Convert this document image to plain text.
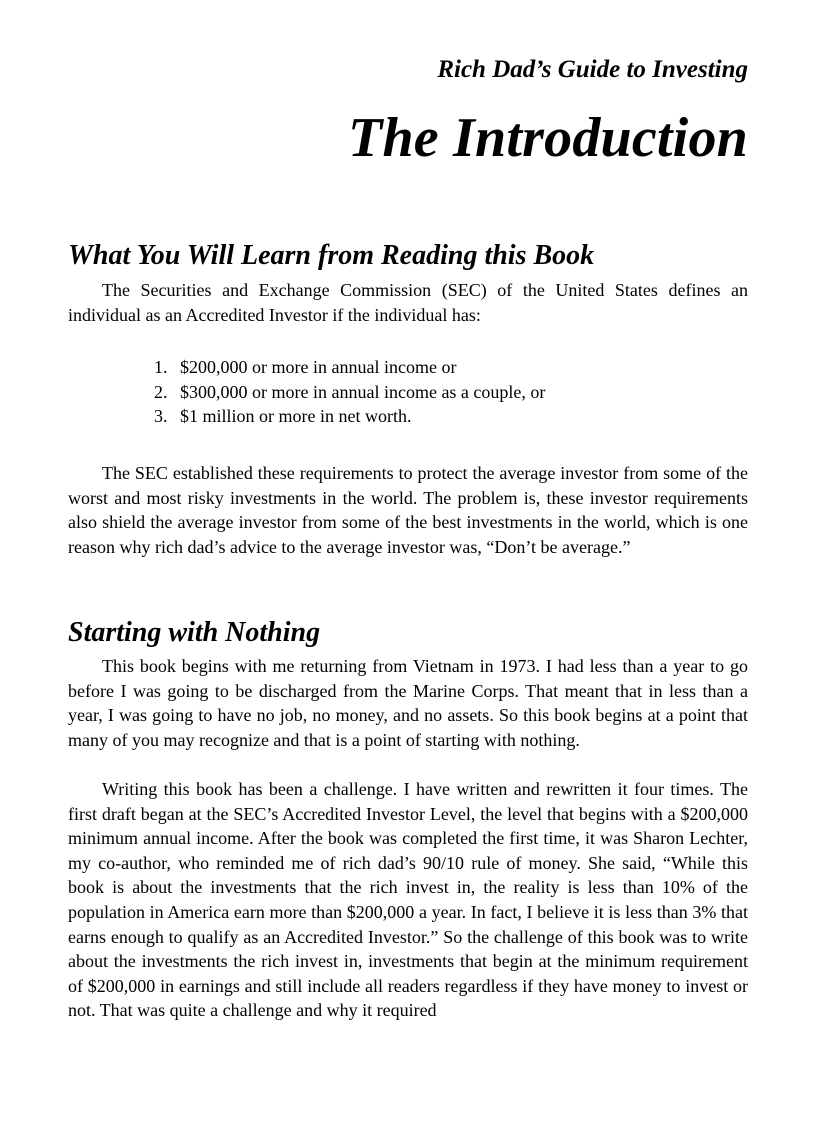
Rich Dad’s Guide to Investing
The Introduction
What You Will Learn from Reading this Book

The Securities and Exchange Commission (SEC) of the United States defines an individual as an Accredited Investor if the individual has:

1. $200,000 or more in annual income or
2. $300,000 or more in annual income as a couple, or
3. $1 million or more in net worth.

The SEC established these requirements to protect the average investor from some of the worst and most risky investments in the world. The problem is, these investor requirements also shield the average investor from some of the best investments in the world, which is one reason why rich dad’s advice to the average investor was, “Don’t be average.”

Starting with Nothing

This book begins with me returning from Vietnam in 1973. I had less than a year to go before I was going to be discharged from the Marine Corps. That meant that in less than a year, I was going to have no job, no money, and no assets. So this book begins at a point that many of you may recognize and that is a point of starting with nothing.

Writing this book has been a challenge. I have written and rewritten it four times. The first draft began at the SEC’s Accredited Investor Level, the level that begins with a $200,000 minimum annual income. After the book was completed the first time, it was Sharon Lechter, my co-author, who reminded me of rich dad’s 90/10 rule of money. She said, “While this book is about the investments that the rich invest in, the reality is less than 10% of the population in America earn more than $200,000 a year. In fact, I believe it is less than 3% that earns enough to qualify as an Accredited Investor.” So the challenge of this book was to write about the investments the rich invest in, investments that begin at the minimum requirement of $200,000 in earnings and still include all readers regardless if they have money to invest or not. That was quite a challenge and why it required
